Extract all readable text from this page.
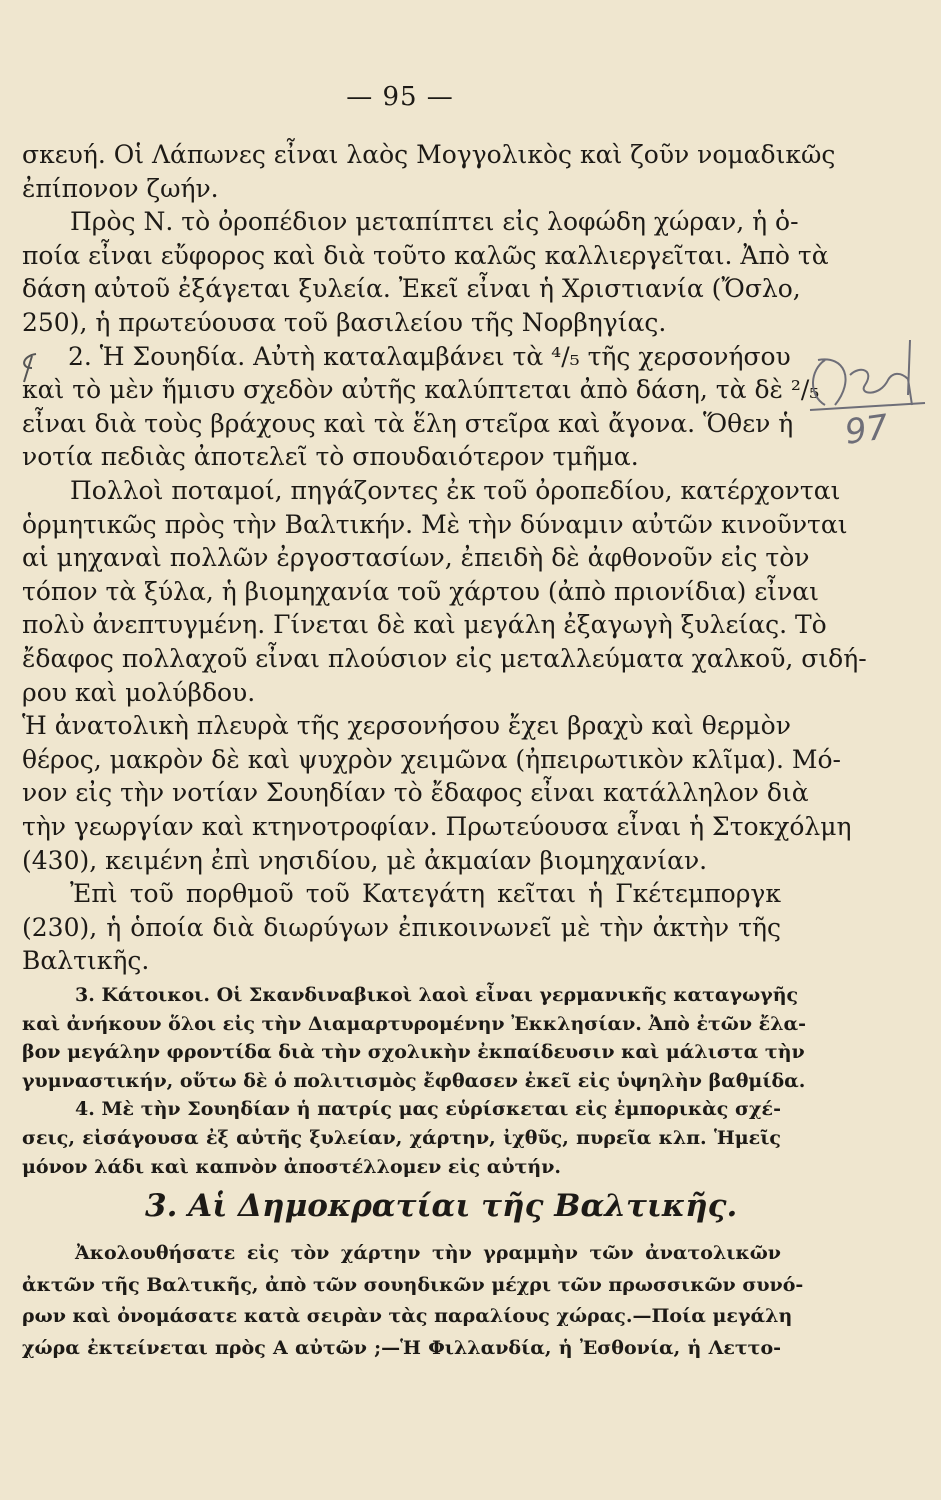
— 95 —
σκευή. Οἱ Λάπωνες εἶναι λαὸς Μογγολικὸς καὶ ζοῦν νομαδικῶς
ἐπίπονον ζωήν.
Πρὸς Ν. τὸ ὀροπέδιον μεταπίπτει εἰς λοφώδη χώραν, ἡ ὁ-
ποία εἶναι εὔφορος καὶ διὰ τοῦτο καλῶς καλλιεργεῖται. Ἀπὸ τὰ
δάση αὐτοῦ ἐξάγεται ξυλεία. Ἐκεῖ εἶναι ἡ Χριστιανία (Ὄσλο,
250), ἡ πρωτεύουσα τοῦ βασιλείου τῆς Νορβηγίας.
2. Ἡ Σουηδία. Αὐτὴ καταλαμβάνει τὰ ⁴/₅ τῆς χερσονήσου
καὶ τὸ μὲν ἥμισυ σχεδὸν αὐτῆς καλύπτεται ἀπὸ δάση, τὰ δὲ ²/₅
εἶναι διὰ τοὺς βράχους καὶ τὰ ἕλη στεῖρα καὶ ἄγονα. Ὅθεν ἡ
νοτία πεδιὰς ἀποτελεῖ τὸ σπουδαιότερον τμῆμα.
Πολλοὶ ποταμοί, πηγάζοντες ἐκ τοῦ ὀροπεδίου, κατέρχονται
ὁρμητικῶς πρὸς τὴν Βαλτικήν. Μὲ τὴν δύναμιν αὐτῶν κινοῦνται
αἱ μηχαναὶ πολλῶν ἐργοστασίων, ἐπειδὴ δὲ ἀφθονοῦν εἰς τὸν
τόπον τὰ ξύλα, ἡ βιομηχανία τοῦ χάρτου (ἀπὸ πριονίδια) εἶναι
πολὺ ἀνεπτυγμένη. Γίνεται δὲ καὶ μεγάλη ἐξαγωγὴ ξυλείας. Τὸ
ἔδαφος πολλαχοῦ εἶναι πλούσιον εἰς μεταλλεύματα χαλκοῦ, σιδή-
ρου καὶ μολύβδου.
Ἡ ἀνατολικὴ πλευρὰ τῆς χερσονήσου ἔχει βραχὺ καὶ θερμὸν
θέρος, μακρὸν δὲ καὶ ψυχρὸν χειμῶνα (ἠπειρωτικὸν κλῖμα). Μό-
νον εἰς τὴν νοτίαν Σουηδίαν τὸ ἔδαφος εἶναι κατάλληλον διὰ
τὴν γεωργίαν καὶ κτηνοτροφίαν. Πρωτεύουσα εἶναι ἡ Στοκχόλμη
(430), κειμένη ἐπὶ νησιδίου, μὲ ἀκμαίαν βιομηχανίαν.
Ἐπὶ τοῦ πορθμοῦ τοῦ Κατεγάτη κεῖται ἡ Γκέτεμποργκ
(230), ἡ ὁποία διὰ διωρύγων ἐπικοινωνεῖ μὲ τὴν ἀκτὴν τῆς
Βαλτικῆς.
3. Κάτοικοι. Οἱ Σκανδιναβικοὶ λαοὶ εἶναι γερμανικῆς καταγωγῆς
καὶ ἀνήκουν ὅλοι εἰς τὴν Διαμαρτυρομένην Ἐκκλησίαν. Ἀπὸ ἐτῶν ἔλα-
βον μεγάλην φροντίδα διὰ τὴν σχολικὴν ἐκπαίδευσιν καὶ μάλιστα τὴν
γυμναστικήν, οὕτω δὲ ὁ πολιτισμὸς ἔφθασεν ἐκεῖ εἰς ὑψηλὴν βαθμίδα.
4. Μὲ τὴν Σουηδίαν ἡ πατρίς μας εὑρίσκεται εἰς ἐμπορικὰς σχέ-
σεις, εἰσάγουσα ἐξ αὐτῆς ξυλείαν, χάρτην, ἰχθῦς, πυρεῖα κλπ. Ἡμεῖς
μόνον λάδι καὶ καπνὸν ἀποστέλλομεν εἰς αὐτήν.
3. Αἱ Δημοκρατίαι τῆς Βαλτικῆς.
Ἀκολουθήσατε εἰς τὸν χάρτην τὴν γραμμὴν τῶν ἀνατολικῶν
ἀκτῶν τῆς Βαλτικῆς, ἀπὸ τῶν σουηδικῶν μέχρι τῶν πρωσσικῶν συνό-
ρων καὶ ὀνομάσατε κατὰ σειρὰν τὰς παραλίους χώρας.—Ποία μεγάλη
χώρα ἐκτείνεται πρὸς Α αὐτῶν ;—Ἡ Φιλλανδία, ἡ Ἐσθονία, ἡ Λεττο-
97
